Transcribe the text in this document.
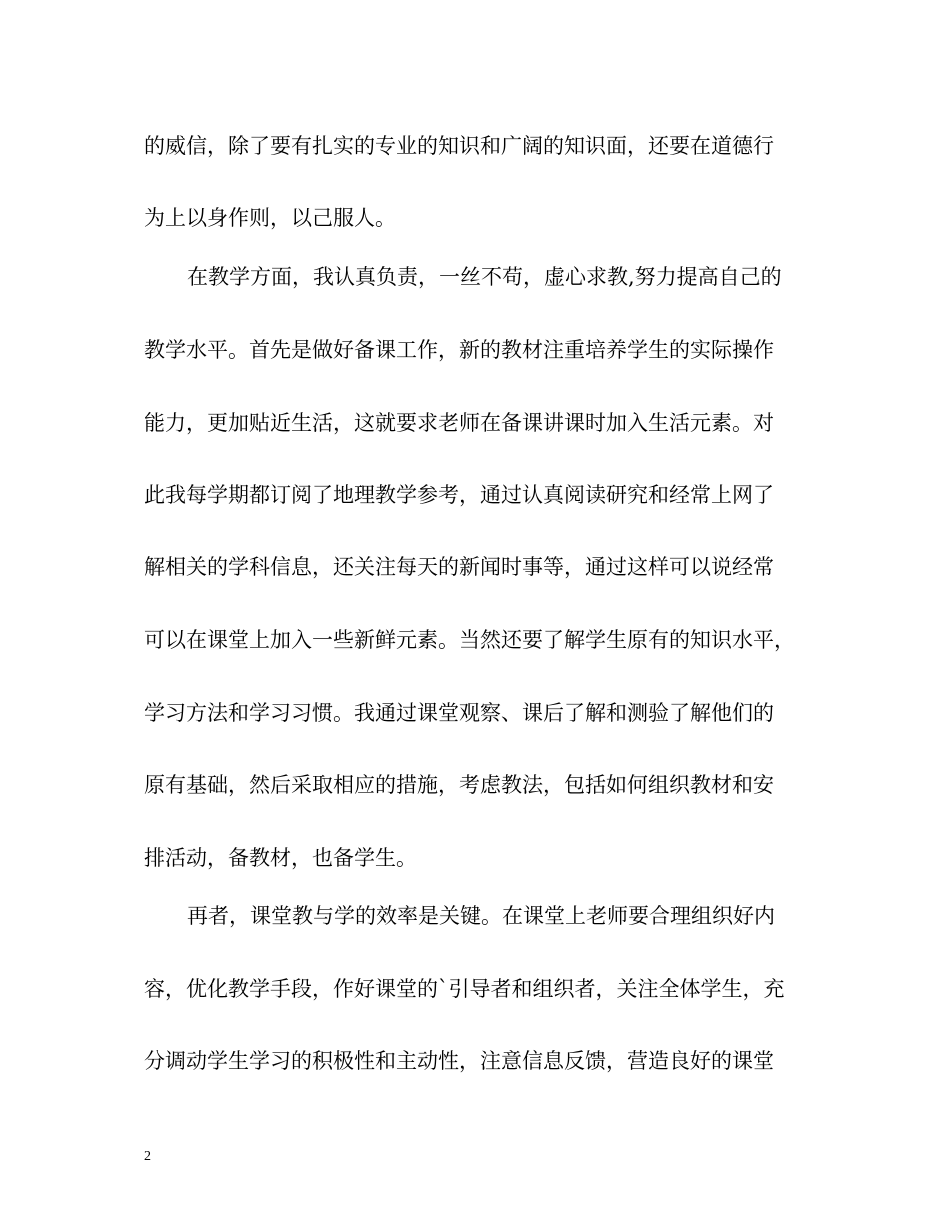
的威信，除了要有扎实的专业的知识和广阔的知识面，还要在道德行
为上以身作则，以己服人。
在教学方面，我认真负责，一丝不苟，虚心求教,努力提高自己的
教学水平。首先是做好备课工作，新的教材注重培养学生的实际操作
能力，更加贴近生活，这就要求老师在备课讲课时加入生活元素。对
此我每学期都订阅了地理教学参考，通过认真阅读研究和经常上网了
解相关的学科信息，还关注每天的新闻时事等，通过这样可以说经常
可以在课堂上加入一些新鲜元素。当然还要了解学生原有的知识水平，
学习方法和学习习惯。我通过课堂观察、课后了解和测验了解他们的
原有基础，然后采取相应的措施，考虑教法，包括如何组织教材和安
排活动，备教材，也备学生。
再者，课堂教与学的效率是关键。在课堂上老师要合理组织好内
容，优化教学手段，作好课堂的`引导者和组织者，关注全体学生，充
分调动学生学习的积极性和主动性，注意信息反馈，营造良好的课堂
2
